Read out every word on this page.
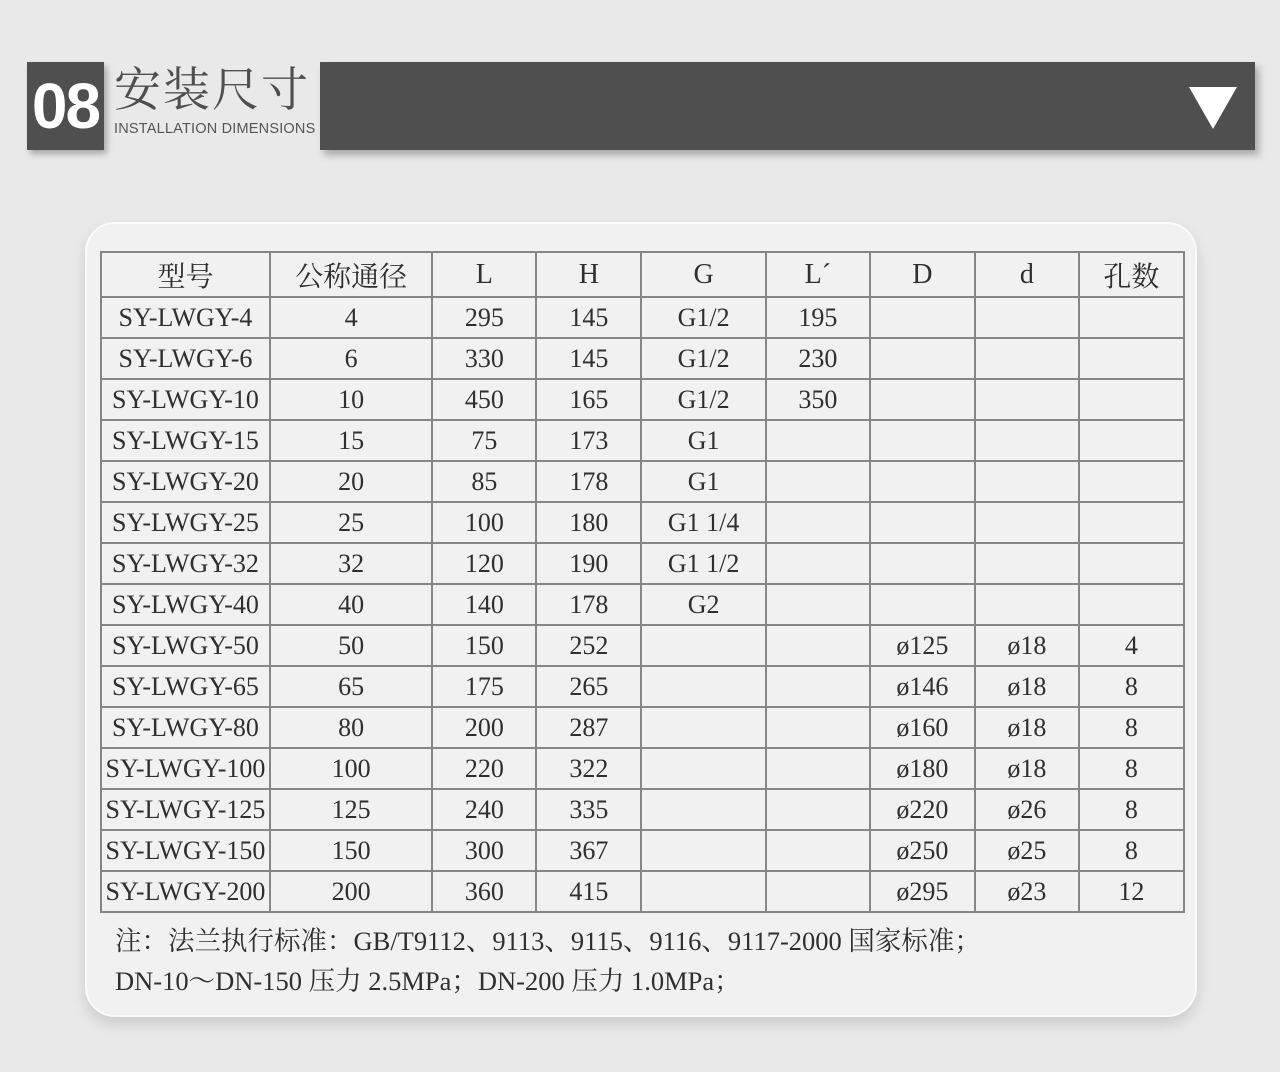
08 安装尺寸
INSTALLATION DIMENSIONS
型号	公称通径	L	H	G	L´	D	d	孔数
SY-LWGY-4	4	295	145	G1/2	195			
SY-LWGY-6	6	330	145	G1/2	230			
SY-LWGY-10	10	450	165	G1/2	350			
SY-LWGY-15	15	75	173	G1				
SY-LWGY-20	20	85	178	G1				
SY-LWGY-25	25	100	180	G1 1/4				
SY-LWGY-32	32	120	190	G1 1/2				
SY-LWGY-40	40	140	178	G2				
SY-LWGY-50	50	150	252			ø125	ø18	4
SY-LWGY-65	65	175	265			ø146	ø18	8
SY-LWGY-80	80	200	287			ø160	ø18	8
SY-LWGY-100	100	220	322			ø180	ø18	8
SY-LWGY-125	125	240	335			ø220	ø26	8
SY-LWGY-150	150	300	367			ø250	ø25	8
SY-LWGY-200	200	360	415			ø295	ø23	12
注：法兰执行标准：GB/T9112、9113、9115、9116、9117-2000 国家标准；
DN-10～DN-150 压力 2.5MPa；DN-200 压力 1.0MPa；
